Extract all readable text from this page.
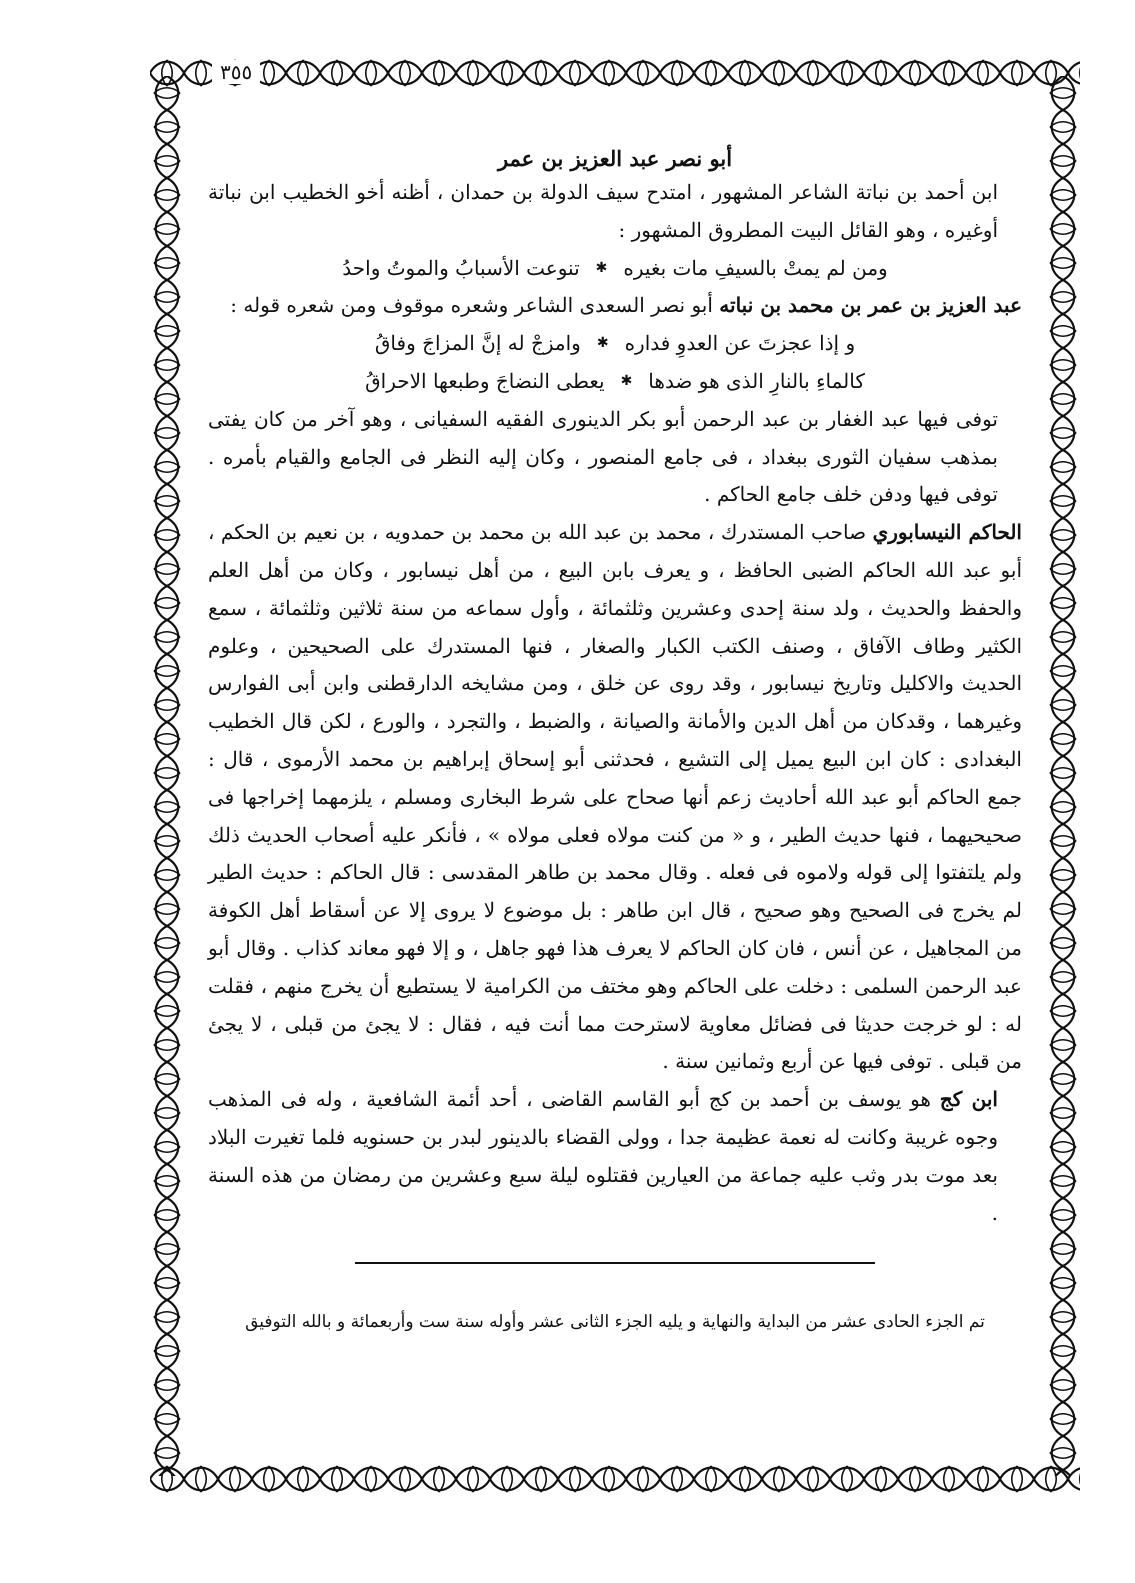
٣٥٥
أبو نصر عبد العزيز بن عمر

ابن أحمد بن نباتة الشاعر المشهور ، امتدح سيف الدولة بن حمدان ، أظنه أخو الخطيب ابن نباتة أوغيره ، وهو القائل البيت المطروق المشهور :

ومن لم يمتْ بالسيفِ مات بغيره
✱
تنوعت الأسبابُ والموتُ واحدُ

عبد العزيز بن عمر بن محمد بن نباته أبو نصر السعدى الشاعر وشعره موقوف ومن شعره قوله :

و إذا عجزتَ عن العدوِ فداره
✱
وامزجْ له إنَّ المزاجَ وفاقُ
كالماءِ بالنارِ الذى هو ضدها
✱
يعطى النضاجَ وطبعها الاحراقُ

توفى فيها عبد الغفار بن عبد الرحمن أبو بكر الدينورى الفقيه السفيانى ، وهو آخر من كان يفتى بمذهب سفيان الثورى ببغداد ، فى جامع المنصور ، وكان إليه النظر فى الجامع والقيام بأمره . توفى فيها ودفن خلف جامع الحاكم .

الحاكم النيسابوري صاحب المستدرك ، محمد بن عبد الله بن محمد بن حمدويه ، بن نعيم بن الحكم ، أبو عبد الله الحاكم الضبى الحافظ ، و يعرف بابن البيع ، من أهل نيسابور ، وكان من أهل العلم والحفظ والحديث ، ولد سنة إحدى وعشرين وثلثمائة ، وأول سماعه من سنة ثلاثين وثلثمائة ، سمع الكثير وطاف الآفاق ، وصنف الكتب الكبار والصغار ، فنها المستدرك على الصحيحين ، وعلوم الحديث والاكليل وتاريخ نيسابور ، وقد روى عن خلق ، ومن مشايخه الدارقطنى وابن أبى الفوارس وغيرهما ، وقدكان من أهل الدين والأمانة والصيانة ، والضبط ، والتجرد ، والورع ، لكن قال الخطيب البغدادى : كان ابن البيع يميل إلى التشيع ، فحدثنى أبو إسحاق إبراهيم بن محمد الأرموى ، قال : جمع الحاكم أبو عبد الله أحاديث زعم أنها صحاح على شرط البخارى ومسلم ، يلزمهما إخراجها فى صحيحيهما ، فنها حديث الطير ، و « من كنت مولاه فعلى مولاه » ، فأنكر عليه أصحاب الحديث ذلك ولم يلتفتوا إلى قوله ولاموه فى فعله . وقال محمد بن طاهر المقدسى : قال الحاكم : حديث الطير لم يخرج فى الصحيح وهو صحيح ، قال ابن طاهر : بل موضوع لا يروى إلا عن أسقاط أهل الكوفة من المجاهيل ، عن أنس ، فان كان الحاكم لا يعرف هذا فهو جاهل ، و إلا فهو معاند كذاب . وقال أبو عبد الرحمن السلمى : دخلت على الحاكم وهو مختف من الكرامية لا يستطيع أن يخرج منهم ، فقلت له : لو خرجت حديثا فى فضائل معاوية لاسترحت مما أنت فيه ، فقال : لا يجئ من قبلى ، لا يجئ من قبلى . توفى فيها عن أربع وثمانين سنة .

ابن كج هو يوسف بن أحمد بن كج أبو القاسم القاضى ، أحد أئمة الشافعية ، وله فى المذهب وجوه غريبة وكانت له نعمة عظيمة جدا ، وولى القضاء بالدينور لبدر بن حسنويه فلما تغيرت البلاد بعد موت بدر وثب عليه جماعة من العيارين فقتلوه ليلة سبع وعشرين من رمضان من هذه السنة .

تم الجزء الحادى عشر من البداية والنهاية و يليه الجزء الثانى عشر وأوله سنة ست وأربعمائة و بالله التوفيق
